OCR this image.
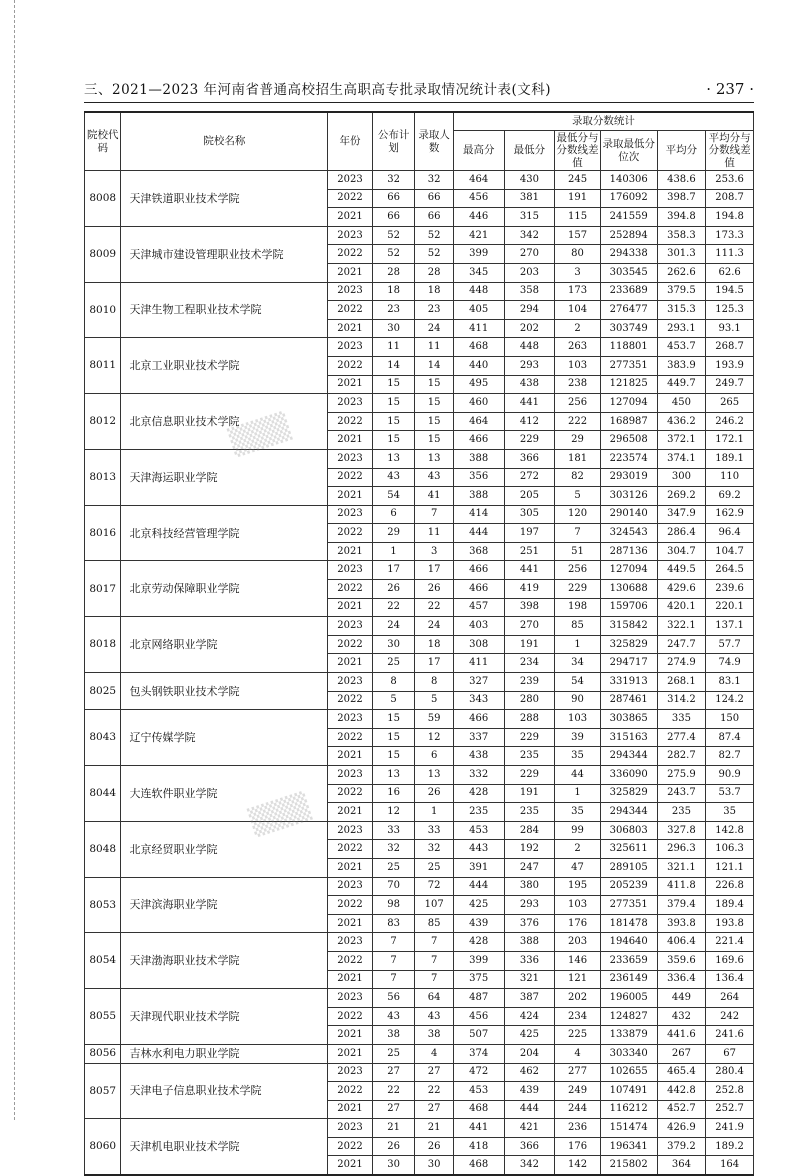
三、2021—2023 年河南省普通高校招生高职高专批录取情况统计表(文科)	· 237 ·
院校代码	院校名称	年份	公布计划	录取人数	录取分数统计					
					最高分	最低分	最低分与分数线差值	录取最低分位次	平均分	平均分与分数线差值
8008	天津铁道职业技术学院	2023	32	32	464	430	245	140306	438.6	253.6
		2022	66	66	456	381	191	176092	398.7	208.7
		2021	66	66	446	315	115	241559	394.8	194.8
8009	天津城市建设管理职业技术学院	2023	52	52	421	342	157	252894	358.3	173.3
		2022	52	52	399	270	80	294338	301.3	111.3
		2021	28	28	345	203	3	303545	262.6	62.6
8010	天津生物工程职业技术学院	2023	18	18	448	358	173	233689	379.5	194.5
		2022	23	23	405	294	104	276477	315.3	125.3
		2021	30	24	411	202	2	303749	293.1	93.1
8011	北京工业职业技术学院	2023	11	11	468	448	263	118801	453.7	268.7
		2022	14	14	440	293	103	277351	383.9	193.9
		2021	15	15	495	438	238	121825	449.7	249.7
8012	北京信息职业技术学院	2023	15	15	460	441	256	127094	450	265
		2022	15	15	464	412	222	168987	436.2	246.2
		2021	15	15	466	229	29	296508	372.1	172.1
8013	天津海运职业学院	2023	13	13	388	366	181	223574	374.1	189.1
		2022	43	43	356	272	82	293019	300	110
		2021	54	41	388	205	5	303126	269.2	69.2
8016	北京科技经营管理学院	2023	6	7	414	305	120	290140	347.9	162.9
		2022	29	11	444	197	7	324543	286.4	96.4
		2021	1	3	368	251	51	287136	304.7	104.7
8017	北京劳动保障职业学院	2023	17	17	466	441	256	127094	449.5	264.5
		2022	26	26	466	419	229	130688	429.6	239.6
		2021	22	22	457	398	198	159706	420.1	220.1
8018	北京网络职业学院	2023	24	24	403	270	85	315842	322.1	137.1
		2022	30	18	308	191	1	325829	247.7	57.7
		2021	25	17	411	234	34	294717	274.9	74.9
8025	包头钢铁职业技术学院	2023	8	8	327	239	54	331913	268.1	83.1
		2022	5	5	343	280	90	287461	314.2	124.2
8043	辽宁传媒学院	2023	15	59	466	288	103	303865	335	150
		2022	15	12	337	229	39	315163	277.4	87.4
		2021	15	6	438	235	35	294344	282.7	82.7
8044	大连软件职业学院	2023	13	13	332	229	44	336090	275.9	90.9
		2022	16	26	428	191	1	325829	243.7	53.7
		2021	12	1	235	235	35	294344	235	35
8048	北京经贸职业学院	2023	33	33	453	284	99	306803	327.8	142.8
		2022	32	32	443	192	2	325611	296.3	106.3
		2021	25	25	391	247	47	289105	321.1	121.1
8053	天津滨海职业学院	2023	70	72	444	380	195	205239	411.8	226.8
		2022	98	107	425	293	103	277351	379.4	189.4
		2021	83	85	439	376	176	181478	393.8	193.8
8054	天津渤海职业技术学院	2023	7	7	428	388	203	194640	406.4	221.4
		2022	7	7	399	336	146	233659	359.6	169.6
		2021	7	7	375	321	121	236149	336.4	136.4
8055	天津现代职业技术学院	2023	56	64	487	387	202	196005	449	264
		2022	43	43	456	424	234	124827	432	242
		2021	38	38	507	425	225	133879	441.6	241.6
8056	吉林水利电力职业学院	2021	25	4	374	204	4	303340	267	67
8057	天津电子信息职业技术学院	2023	27	27	472	462	277	102655	465.4	280.4
		2022	22	22	453	439	249	107491	442.8	252.8
		2021	27	27	468	444	244	116212	452.7	252.7
8060	天津机电职业技术学院	2023	21	21	441	421	236	151474	426.9	241.9
		2022	26	26	418	366	176	196341	379.2	189.2
		2021	30	30	468	342	142	215802	364	164
▒▒▒
▒▒▒
